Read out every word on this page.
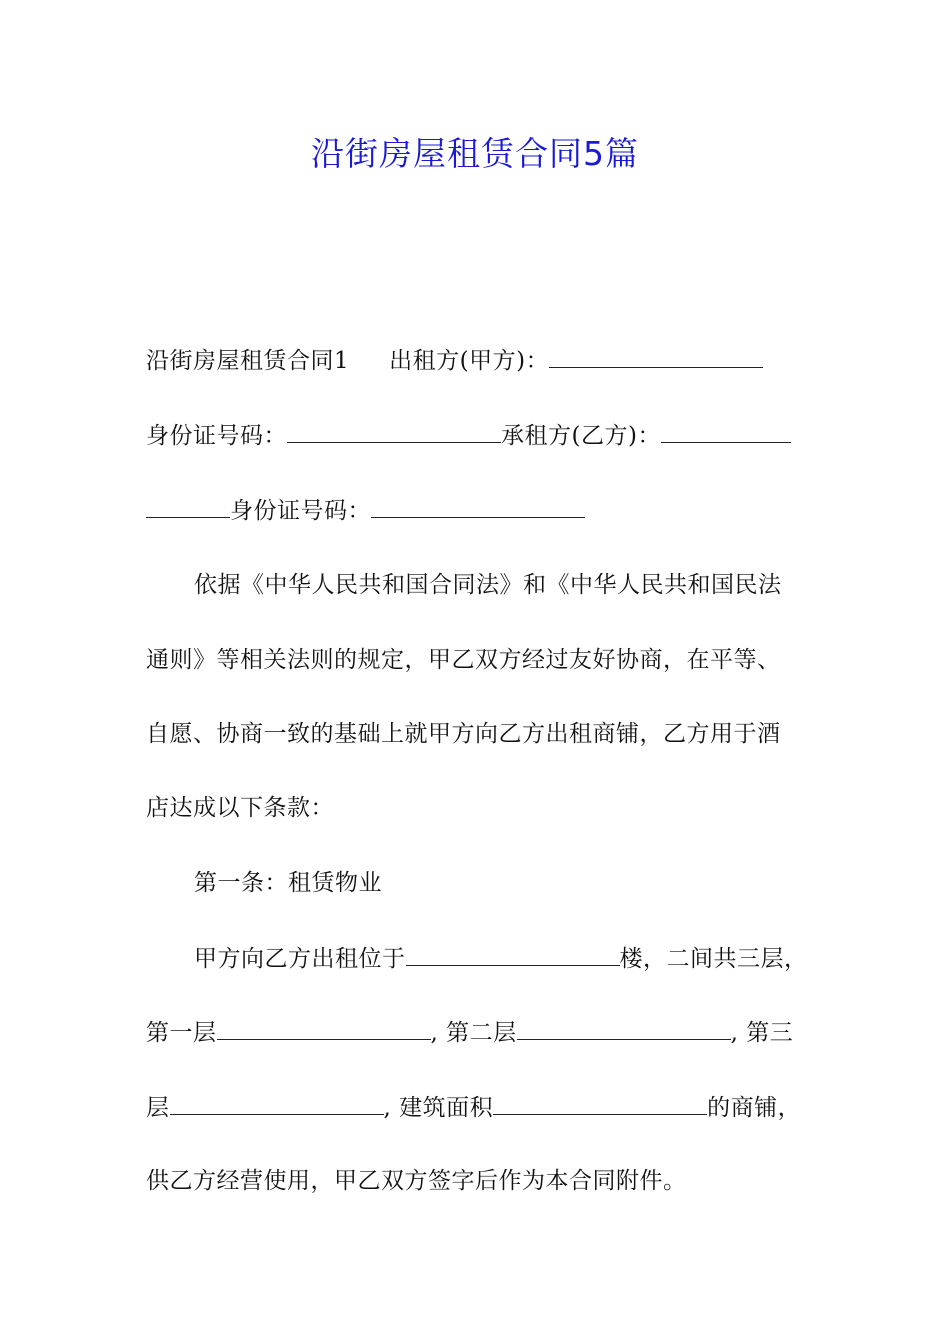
沿街房屋租赁合同5篇
沿街房屋租赁合同1 出租方(甲方)：
身份证号码：	承租方(乙方)：
身份证号码：
依据《中华人民共和国合同法》和《中华人民共和国民法
通则》等相关法则的规定，甲乙双方经过友好协商，在平等、
自愿、协商一致的基础上就甲方向乙方出租商铺，乙方用于酒
店达成以下条款：
第一条：租赁物业
甲方向乙方出租位于	楼，二间共三层，
第一层	, 第二层	, 第三
层	, 建筑面积	的商铺，
供乙方经营使用，甲乙双方签字后作为本合同附件。
